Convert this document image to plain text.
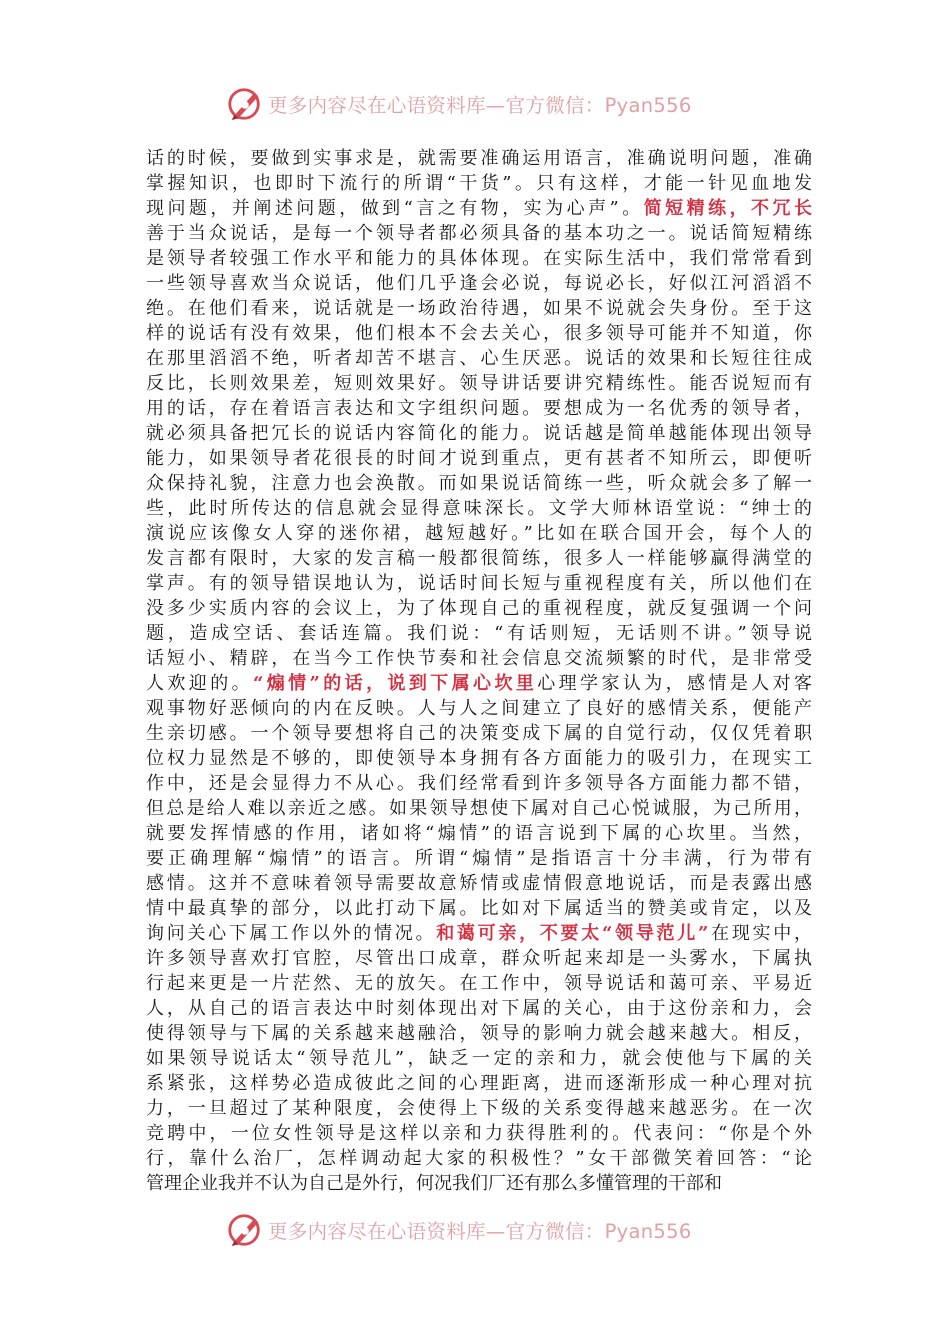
更多内容尽在心语资料库—官方微信：Pyan556
话的时候，要做到实事求是，就需要准确运用语言，准确说明问题，准确
掌握知识，也即时下流行的所谓“干货”。只有这样，才能一针见血地发
现问题，并阐述问题，做到“言之有物，实为心声”。简短精练，不冗长
善于当众说话，是每一个领导者都必须具备的基本功之一。说话简短精练
是领导者较强工作水平和能力的具体体现。在实际生活中，我们常常看到
一些领导喜欢当众说话，他们几乎逢会必说，每说必长，好似江河滔滔不
绝。在他们看来，说话就是一场政治待遇，如果不说就会失身份。至于这
样的说话有没有效果，他们根本不会去关心，很多领导可能并不知道，你
在那里滔滔不绝，听者却苦不堪言、心生厌恶。说话的效果和长短往往成
反比，长则效果差，短则效果好。领导讲话要讲究精练性。能否说短而有
用的话，存在着语言表达和文字组织问题。要想成为一名优秀的领导者，
就必须具备把冗长的说话内容简化的能力。说话越是简单越能体现出领导
能力，如果领导者花很長的时间才说到重点，更有甚者不知所云，即便听
众保持礼貌，注意力也会涣散。而如果说话简练一些，听众就会多了解一
些，此时所传达的信息就会显得意味深长。文学大师林语堂说：“绅士的
演说应该像女人穿的迷你裙，越短越好。”比如在联合国开会，每个人的
发言都有限时，大家的发言稿一般都很简练，很多人一样能够赢得满堂的
掌声。有的领导错误地认为，说话时间长短与重视程度有关，所以他们在
没多少实质内容的会议上，为了体现自己的重视程度，就反复强调一个问
题，造成空话、套话连篇。我们说：“有话则短，无话则不讲。”领导说
话短小、精辟，在当今工作快节奏和社会信息交流频繁的时代，是非常受
人欢迎的。“煽情”的话，说到下属心坎里心理学家认为，感情是人对客
观事物好恶倾向的内在反映。人与人之间建立了良好的感情关系，便能产
生亲切感。一个领导要想将自己的决策变成下属的自觉行动，仅仅凭着职
位权力显然是不够的，即使领导本身拥有各方面能力的吸引力，在现实工
作中，还是会显得力不从心。我们经常看到许多领导各方面能力都不错，
但总是给人难以亲近之感。如果领导想使下属对自己心悦诚服，为己所用，
就要发挥情感的作用，诸如将“煽情”的语言说到下属的心坎里。当然，
要正确理解“煽情”的语言。所谓“煽情”是指语言十分丰满，行为带有
感情。这并不意味着领导需要故意矫情或虚情假意地说话，而是表露出感
情中最真挚的部分，以此打动下属。比如对下属适当的赞美或肯定，以及
询问关心下属工作以外的情况。和蔼可亲，不要太“领导范儿”在现实中，
许多领导喜欢打官腔，尽管出口成章，群众听起来却是一头雾水，下属执
行起来更是一片茫然、无的放矢。在工作中，领导说话和蔼可亲、平易近
人，从自己的语言表达中时刻体现出对下属的关心，由于这份亲和力，会
使得领导与下属的关系越来越融洽，领导的影响力就会越来越大。相反，
如果领导说话太“领导范儿”，缺乏一定的亲和力，就会使他与下属的关
系紧张，这样势必造成彼此之间的心理距离，进而逐渐形成一种心理对抗
力，一旦超过了某种限度，会使得上下级的关系变得越来越恶劣。在一次
竞聘中，一位女性领导是这样以亲和力获得胜利的。代表问：“你是个外
行，靠什么治厂，怎样调动起大家的积极性？”女干部微笑着回答：“论
管理企业我并不认为自己是外行，何况我们厂还有那么多懂管理的干部和
更多内容尽在心语资料库—官方微信：Pyan556
